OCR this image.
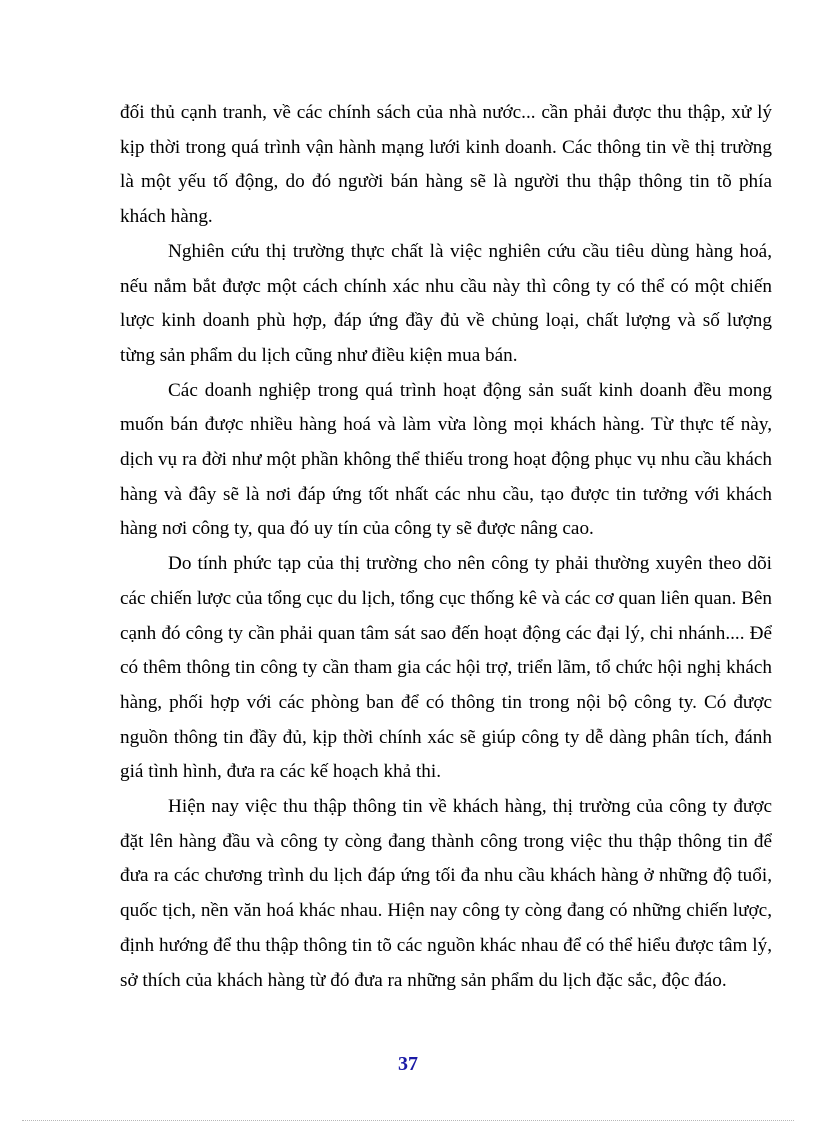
đối thủ cạnh tranh, về các chính sách của nhà nước... cần phải được thu thập, xử lý kịp thời trong quá trình vận hành mạng lưới kinh doanh. Các thông tin về thị trường là một yếu tố động, do đó người bán hàng sẽ là người thu thập thông tin tõ phía khách hàng.

Nghiên cứu thị trường thực chất là việc nghiên cứu cầu tiêu dùng hàng hoá, nếu nắm bắt được một cách chính xác nhu cầu này thì công ty có thể có một chiến lược kinh doanh phù hợp, đáp ứng đầy đủ về chủng loại, chất lượng và số lượng từng sản phẩm du lịch cũng như điều kiện mua bán.

Các doanh nghiệp trong quá trình hoạt động sản suất kinh doanh đều mong muốn bán được nhiều hàng hoá và làm vừa lòng mọi khách hàng. Từ thực tế này, dịch vụ ra đời như một phần không thể thiếu trong hoạt động phục vụ nhu cầu khách hàng và đây sẽ là nơi đáp ứng tốt nhất các nhu cầu, tạo được tin tưởng với khách hàng nơi công ty, qua đó uy tín của công ty sẽ được nâng cao.

Do tính phức tạp của thị trường cho nên công ty phải thường xuyên theo dõi các chiến lược của tổng cục du lịch, tổng cục thống kê và các cơ quan liên quan. Bên cạnh đó công ty cần phải quan tâm sát sao đến hoạt động các đại lý, chi nhánh.... Để có thêm thông tin công ty cần tham gia các hội trợ, triển lãm, tổ chức hội nghị khách hàng, phối hợp với các phòng ban để có thông tin trong nội bộ công ty. Có được nguồn thông tin đầy đủ, kịp thời chính xác sẽ giúp công ty dễ dàng phân tích, đánh giá tình hình, đưa ra các kế hoạch khả thi.

Hiện nay việc thu thập thông tin về khách hàng, thị trường của công ty được đặt lên hàng đầu và công ty còng đang thành công trong việc thu thập thông tin để đưa ra các chương trình du lịch đáp ứng tối đa nhu cầu khách hàng ở những độ tuổi, quốc tịch, nền văn hoá khác nhau. Hiện nay công ty còng đang có những chiến lược, định hướng để thu thập thông tin tõ các nguồn khác nhau để có thể hiểu được tâm lý, sở thích của khách hàng từ đó đưa ra những sản phẩm du lịch đặc sắc, độc đáo.

37
